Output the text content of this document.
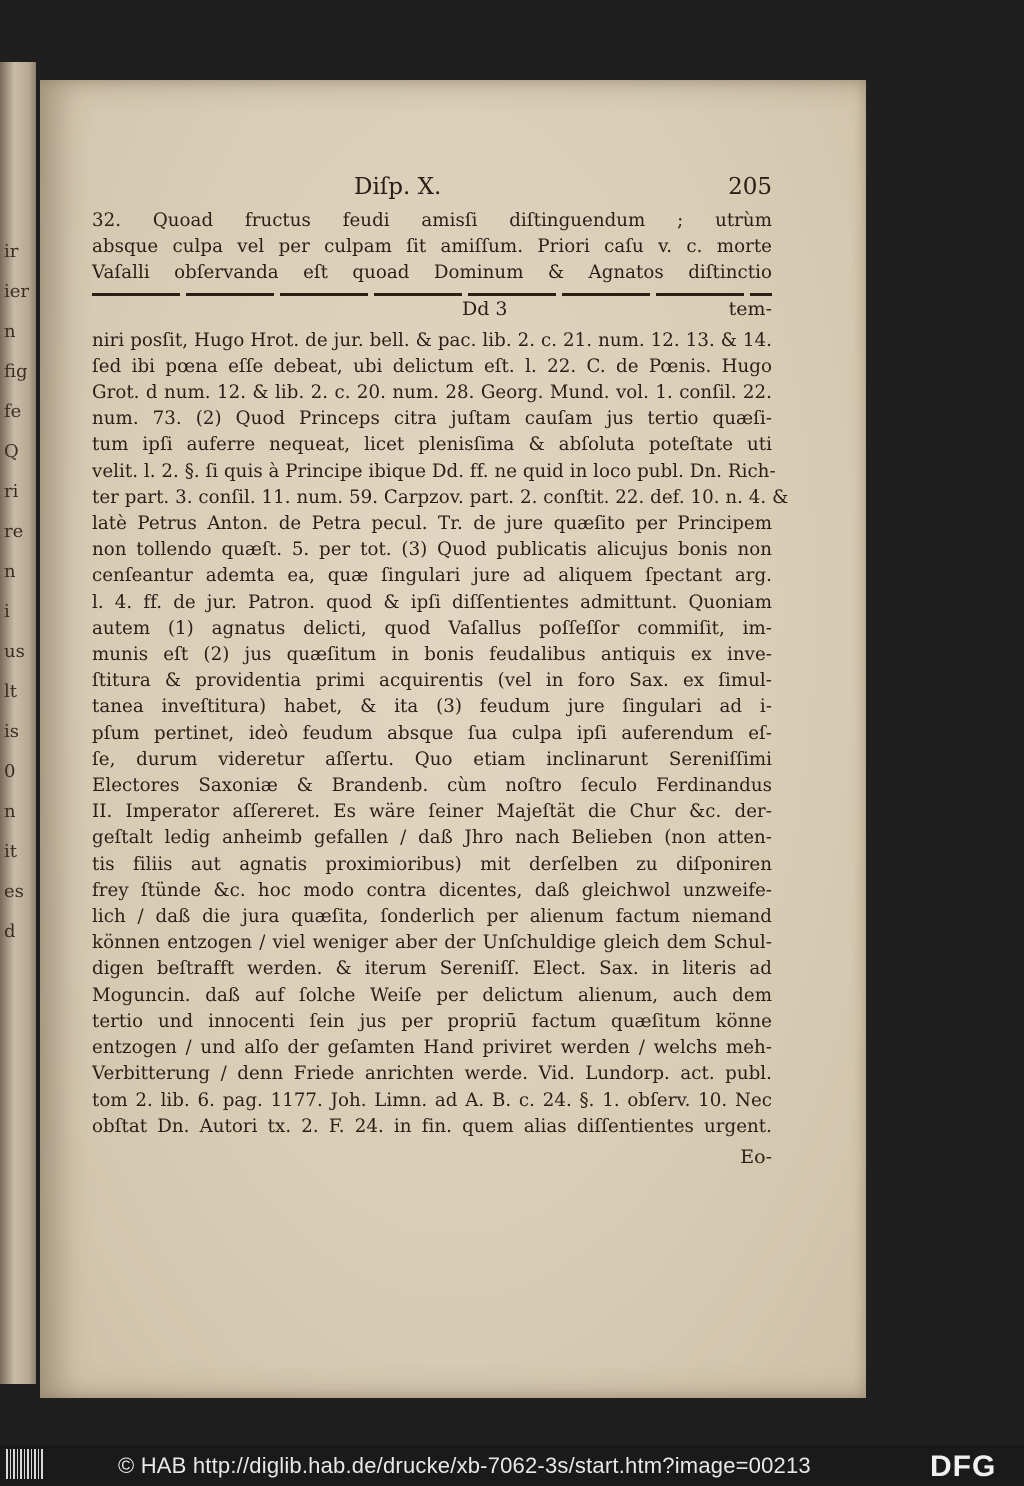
ir
ier
n
fig
fe
Q
ri
re
n
i
us
lt
is
0
n
it
es
d
Diſp. X.	205
32. Quoad fructus feudi amisſi diſtinguendum ; utrùm
absque culpa vel per culpam ſit amiſſum. Priori caſu v. c. morte
Vaſalli obſervanda eſt quoad Dominum & Agnatos diſtinctio
Dd 3	tem-
niri posſit, Hugo Hrot. de jur. bell. & pac. lib. 2. c. 21. num. 12. 13. & 14.
ſed ibi pœna eſſe debeat, ubi delictum eſt. l. 22. C. de Pœnis. Hugo
Grot. d num. 12. & lib. 2. c. 20. num. 28. Georg. Mund. vol. 1. conſil. 22.
num. 73. (2) Quod Princeps citra juſtam cauſam jus tertio quæſi-
tum ipſi auferre nequeat, licet plenisſima & abſoluta poteſtate uti
velit. l. 2. §. ſi quis à Principe ibique Dd. ff. ne quid in loco publ. Dn. Rich-
ter part. 3. conſil. 11. num. 59. Carpzov. part. 2. conſtit. 22. def. 10. n. 4. &
latè Petrus Anton. de Petra pecul. Tr. de jure quæſito per Principem
non tollendo quæſt. 5. per tot. (3) Quod publicatis alicujus bonis non
cenſeantur ademta ea, quæ ſingulari jure ad aliquem ſpectant arg.
l. 4. ff. de jur. Patron. quod & ipſi diſſentientes admittunt. Quoniam
autem (1) agnatus delicti, quod Vaſallus poſſeſſor commiſit, im-
munis eſt (2) jus quæſitum in bonis feudalibus antiquis ex inve-
ſtitura & providentia primi acquirentis (vel in foro Sax. ex ſimul-
tanea inveſtitura) habet, & ita (3) feudum jure ſingulari ad i-
pſum pertinet, ideò feudum absque ſua culpa ipſi auferendum eſ-
ſe, durum videretur aſſertu. Quo etiam inclinarunt Sereniſſimi
Electores Saxoniæ & Brandenb. cùm noſtro ſeculo Ferdinandus
II. Imperator aſſereret. Es wäre ſeiner Majeſtät die Chur &c. der-
geſtalt ledig anheimb gefallen / daß Jhro nach Belieben (non atten-
tis filiis aut agnatis proximioribus) mit derſelben zu diſponiren
frey ſtünde &c. hoc modo contra dicentes, daß gleichwol unzweife-
lich / daß die jura quæſita, ſonderlich per alienum factum niemand
können entzogen / viel weniger aber der Unſchuldige gleich dem Schul-
digen beſtrafft werden. & iterum Sereniſſ. Elect. Sax. in literis ad
Moguncin. daß auf ſolche Weiſe per delictum alienum, auch dem
tertio und innocenti ſein jus per propriū factum quæſitum könne
entzogen / und alſo der geſamten Hand priviret werden / welchs meh-
Verbitterung / denn Friede anrichten werde. Vid. Lundorp. act. publ.
tom 2. lib. 6. pag. 1177. Joh. Limn. ad A. B. c. 24. §. 1. obſerv. 10. Nec
obſtat Dn. Autori tx. 2. F. 24. in fin. quem alias diſſentientes urgent.
Eo-
© HAB http://diglib.hab.de/drucke/xb-7062-3s/start.htm?image=00213	DFG
